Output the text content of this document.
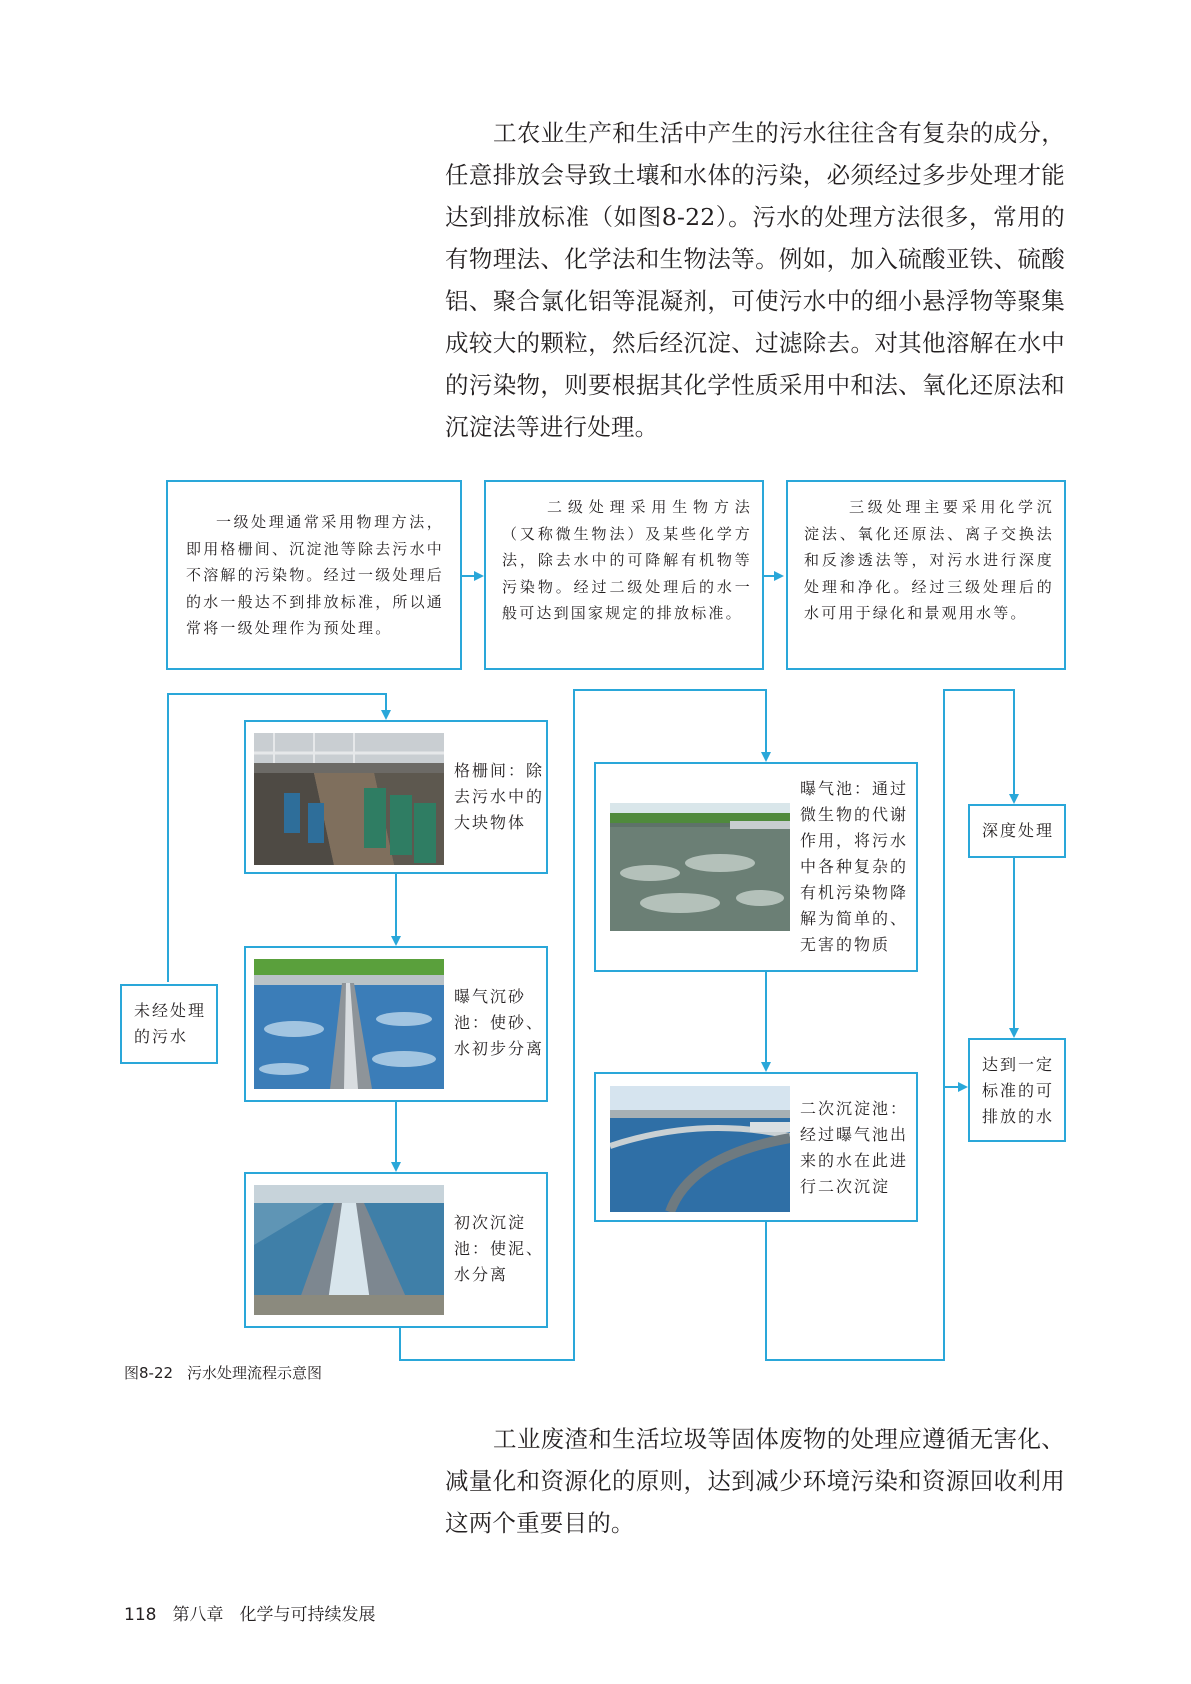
工农业生产和生活中产生的污水往往含有复杂的成分，任意排放会导致土壤和水体的污染，必须经过多步处理才能达到排放标准（如图8-22）。污水的处理方法很多，常用的有物理法、化学法和生物法等。例如，加入硫酸亚铁、硫酸铝、聚合氯化铝等混凝剂，可使污水中的细小悬浮物等聚集成较大的颗粒，然后经沉淀、过滤除去。对其他溶解在水中的污染物，则要根据其化学性质采用中和法、氧化还原法和沉淀法等进行处理。

一级处理通常采用物理方法，即用格栅间、沉淀池等除去污水中不溶解的污染物。经过一级处理后的水一般达不到排放标准，所以通常将一级处理作为预处理。
二级处理采用生物方法（又称微生物法）及某些化学方法，除去水中的可降解有机物等污染物。经过二级处理后的水一般可达到国家规定的排放标准。
三级处理主要采用化学沉淀法、氧化还原法、离子交换法和反渗透法等，对污水进行深度处理和净化。经过三级处理后的水可用于绿化和景观用水等。
未经处理的污水
格栅间：除去污水中的大块物体
曝气沉砂池：使砂、水初步分离
初次沉淀池：使泥、水分离
曝气池：通过微生物的代谢作用，将污水中各种复杂的有机污染物降解为简单的、无害的物质
二次沉淀池：经过曝气池出来的水在此进行二次沉淀
深度处理
达到一定标准的可排放的水
图8-22 污水处理流程示意图

工业废渣和生活垃圾等固体废物的处理应遵循无害化、减量化和资源化的原则，达到减少环境污染和资源回收利用这两个重要目的。

118 第八章 化学与可持续发展
